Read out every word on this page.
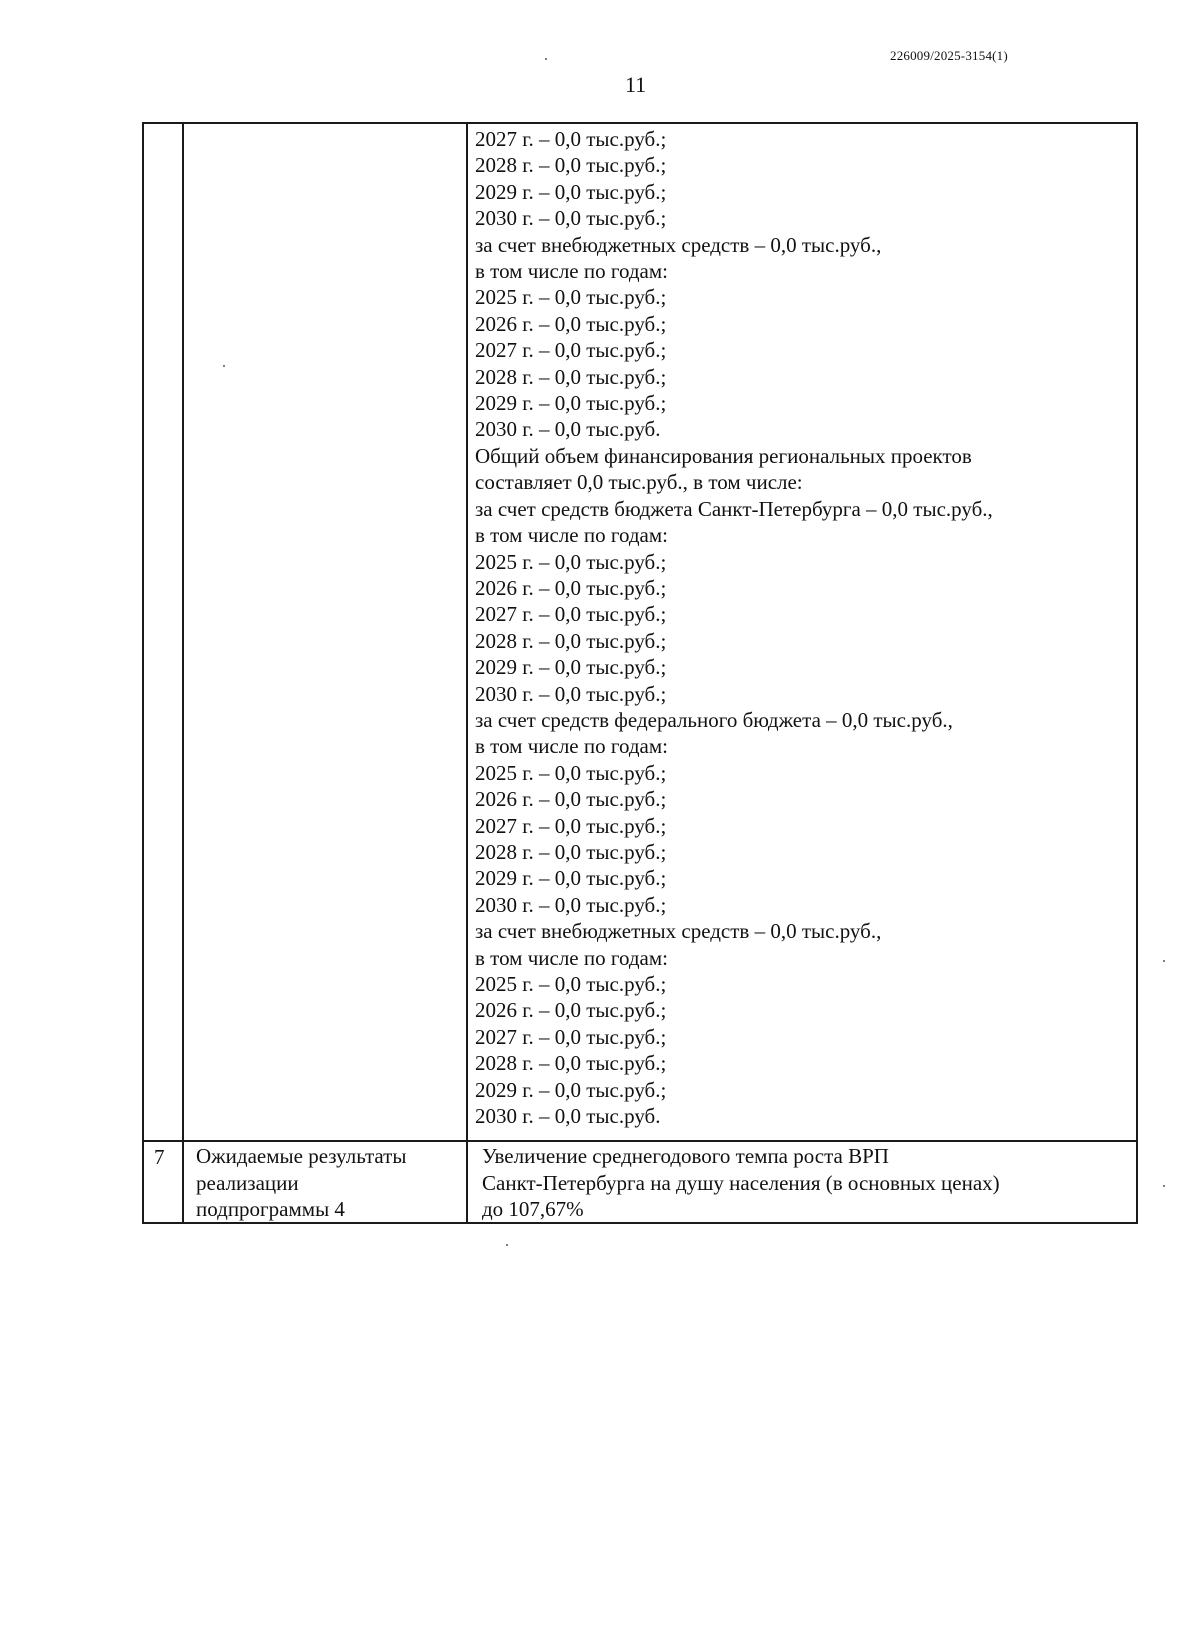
226009/2025-3154(1)
11
2027 г. – 0,0 тыс.руб.;
2028 г. – 0,0 тыс.руб.;
2029 г. – 0,0 тыс.руб.;
2030 г. – 0,0 тыс.руб.;
за счет внебюджетных средств – 0,0 тыс.руб.,
в том числе по годам:
2025 г. – 0,0 тыс.руб.;
2026 г. – 0,0 тыс.руб.;
2027 г. – 0,0 тыс.руб.;
2028 г. – 0,0 тыс.руб.;
2029 г. – 0,0 тыс.руб.;
2030 г. – 0,0 тыс.руб.
Общий объем финансирования региональных проектов
составляет 0,0 тыс.руб., в том числе:
за счет средств бюджета Санкт-Петербурга – 0,0 тыс.руб.,
в том числе по годам:
2025 г. – 0,0 тыс.руб.;
2026 г. – 0,0 тыс.руб.;
2027 г. – 0,0 тыс.руб.;
2028 г. – 0,0 тыс.руб.;
2029 г. – 0,0 тыс.руб.;
2030 г. – 0,0 тыс.руб.;
за счет средств федерального бюджета – 0,0 тыс.руб.,
в том числе по годам:
2025 г. – 0,0 тыс.руб.;
2026 г. – 0,0 тыс.руб.;
2027 г. – 0,0 тыс.руб.;
2028 г. – 0,0 тыс.руб.;
2029 г. – 0,0 тыс.руб.;
2030 г. – 0,0 тыс.руб.;
за счет внебюджетных средств – 0,0 тыс.руб.,
в том числе по годам:
2025 г. – 0,0 тыс.руб.;
2026 г. – 0,0 тыс.руб.;
2027 г. – 0,0 тыс.руб.;
2028 г. – 0,0 тыс.руб.;
2029 г. – 0,0 тыс.руб.;
2030 г. – 0,0 тыс.руб.
7 Ожидаемые результаты
реализации
подпрограммы 4
Увеличение среднегодового темпа роста ВРП
Санкт-Петербурга на душу населения (в основных ценах)
до 107,67%
